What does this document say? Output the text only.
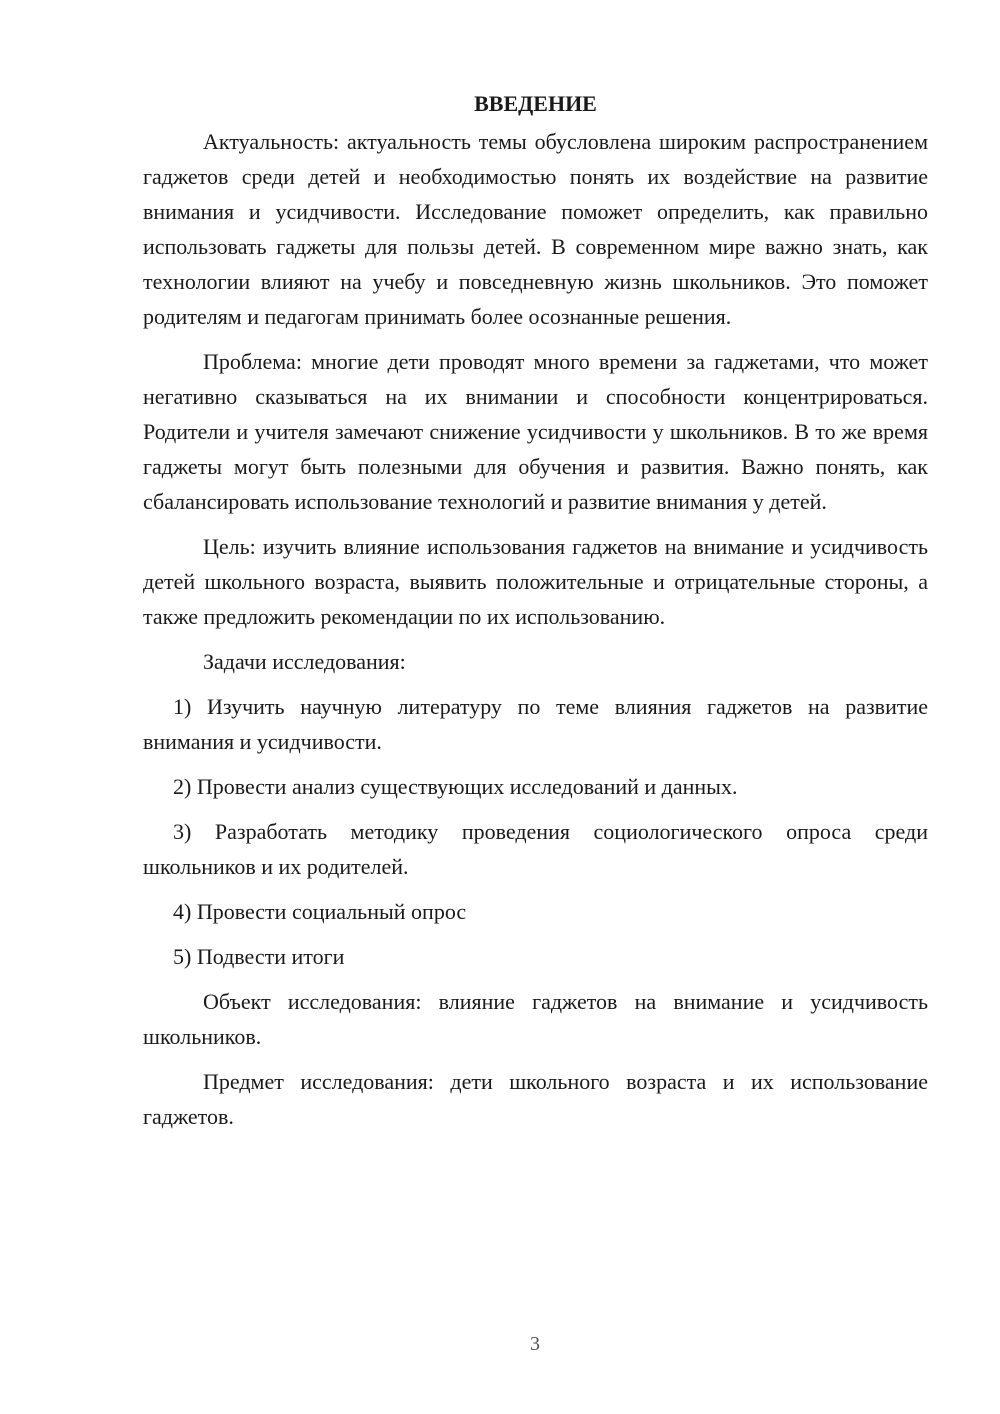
ВВЕДЕНИЕ

Актуальность: актуальность темы обусловлена широким распространением гаджетов среди детей и необходимостью понять их воздействие на развитие внимания и усидчивости. Исследование поможет определить, как правильно использовать гаджеты для пользы детей. В современном мире важно знать, как технологии влияют на учебу и повседневную жизнь школьников. Это поможет родителям и педагогам принимать более осознанные решения.

Проблема: многие дети проводят много времени за гаджетами, что может негативно сказываться на их внимании и способности концентрироваться. Родители и учителя замечают снижение усидчивости у школьников. В то же время гаджеты могут быть полезными для обучения и развития. Важно понять, как сбалансировать использование технологий и развитие внимания у детей.

Цель: изучить влияние использования гаджетов на внимание и усидчивость детей школьного возраста, выявить положительные и отрицательные стороны, а также предложить рекомендации по их использованию.

Задачи исследования:

1) Изучить научную литературу по теме влияния гаджетов на развитие внимания и усидчивости.

2) Провести анализ существующих исследований и данных.

3) Разработать методику проведения социологического опроса среди школьников и их родителей.

4) Провести социальный опрос

5) Подвести итоги

Объект исследования: влияние гаджетов на внимание и усидчивость школьников.

Предмет исследования: дети школьного возраста и их использование гаджетов.

3
